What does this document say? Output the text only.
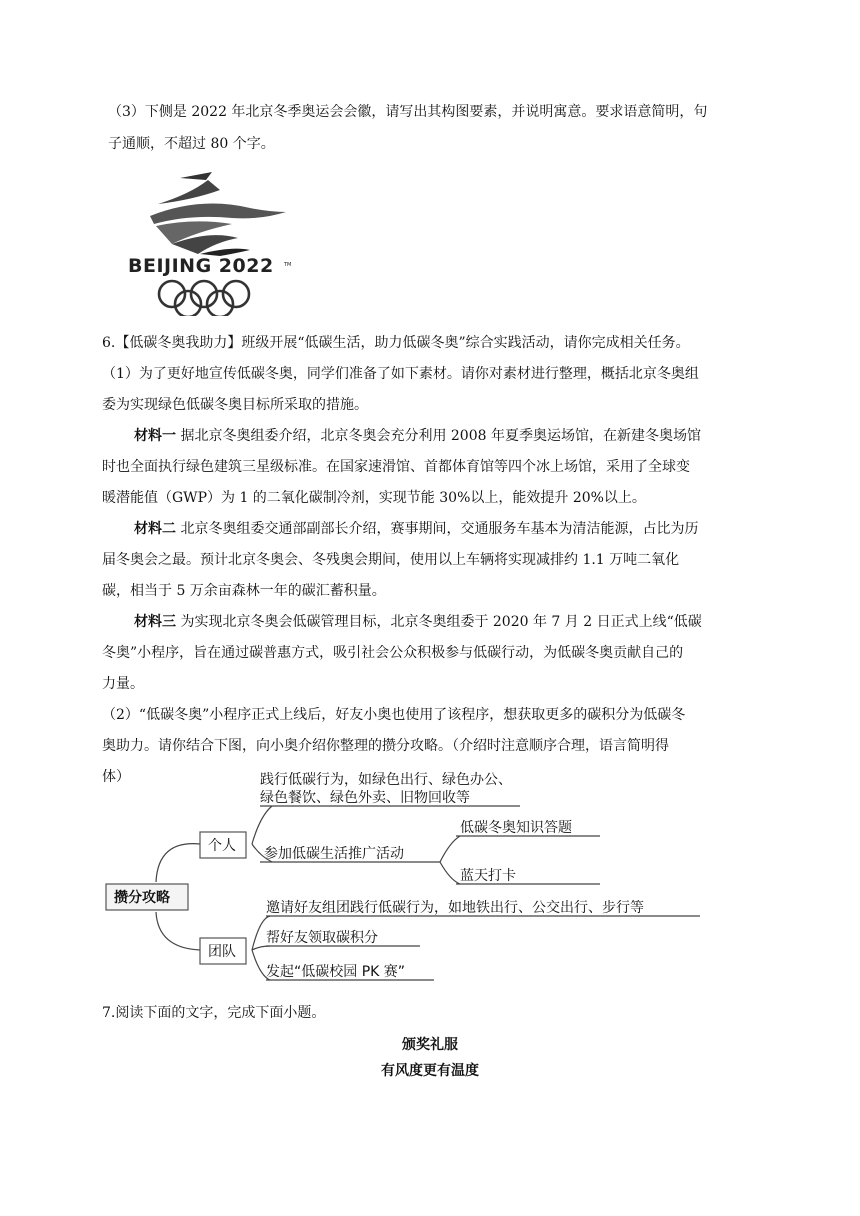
（3）下侧是 2022 年北京冬季奥运会会徽，请写出其构图要素，并说明寓意。要求语意简明，句
子通顺，不超过 80 个字。
BEIJING 2022 TM
6.【低碳冬奥我助力】班级开展“低碳生活，助力低碳冬奥”综合实践活动，请你完成相关任务。
（1）为了更好地宣传低碳冬奥，同学们准备了如下素材。请你对素材进行整理，概括北京冬奥组
委为实现绿色低碳冬奥目标所采取的措施。
材料一 据北京冬奥组委介绍，北京冬奥会充分利用 2008 年夏季奥运场馆，在新建冬奥场馆
时也全面执行绿色建筑三星级标准。在国家速滑馆、首都体育馆等四个冰上场馆，采用了全球变
暖潜能值（GWP）为 1 的二氧化碳制冷剂，实现节能 30%以上，能效提升 20%以上。
材料二 北京冬奥组委交通部副部长介绍，赛事期间，交通服务车基本为清洁能源，占比为历
届冬奥会之最。预计北京冬奥会、冬残奥会期间，使用以上车辆将实现减排约 1.1 万吨二氧化
碳，相当于 5 万余亩森林一年的碳汇蓄积量。
材料三 为实现北京冬奥会低碳管理目标，北京冬奥组委于 2020 年 7 月 2 日正式上线“低碳
冬奥”小程序，旨在通过碳普惠方式，吸引社会公众积极参与低碳行动，为低碳冬奥贡献自己的
力量。
（2）“低碳冬奥”小程序正式上线后，好友小奥也使用了该程序，想获取更多的碳积分为低碳冬
奥助力。请你结合下图，向小奥介绍你整理的攒分攻略。（介绍时注意顺序合理，语言简明得
体）
攒分攻略
个人
团队
践行低碳行为，如绿色出行、绿色办公、
绿色餐饮、绿色外卖、旧物回收等
参加低碳生活推广活动
低碳冬奥知识答题
蓝天打卡
邀请好友组团践行低碳行为，如地铁出行、公交出行、步行等
帮好友领取碳积分
发起“低碳校园 PK 赛”
7.阅读下面的文字，完成下面小题。
颁奖礼服
有风度更有温度
